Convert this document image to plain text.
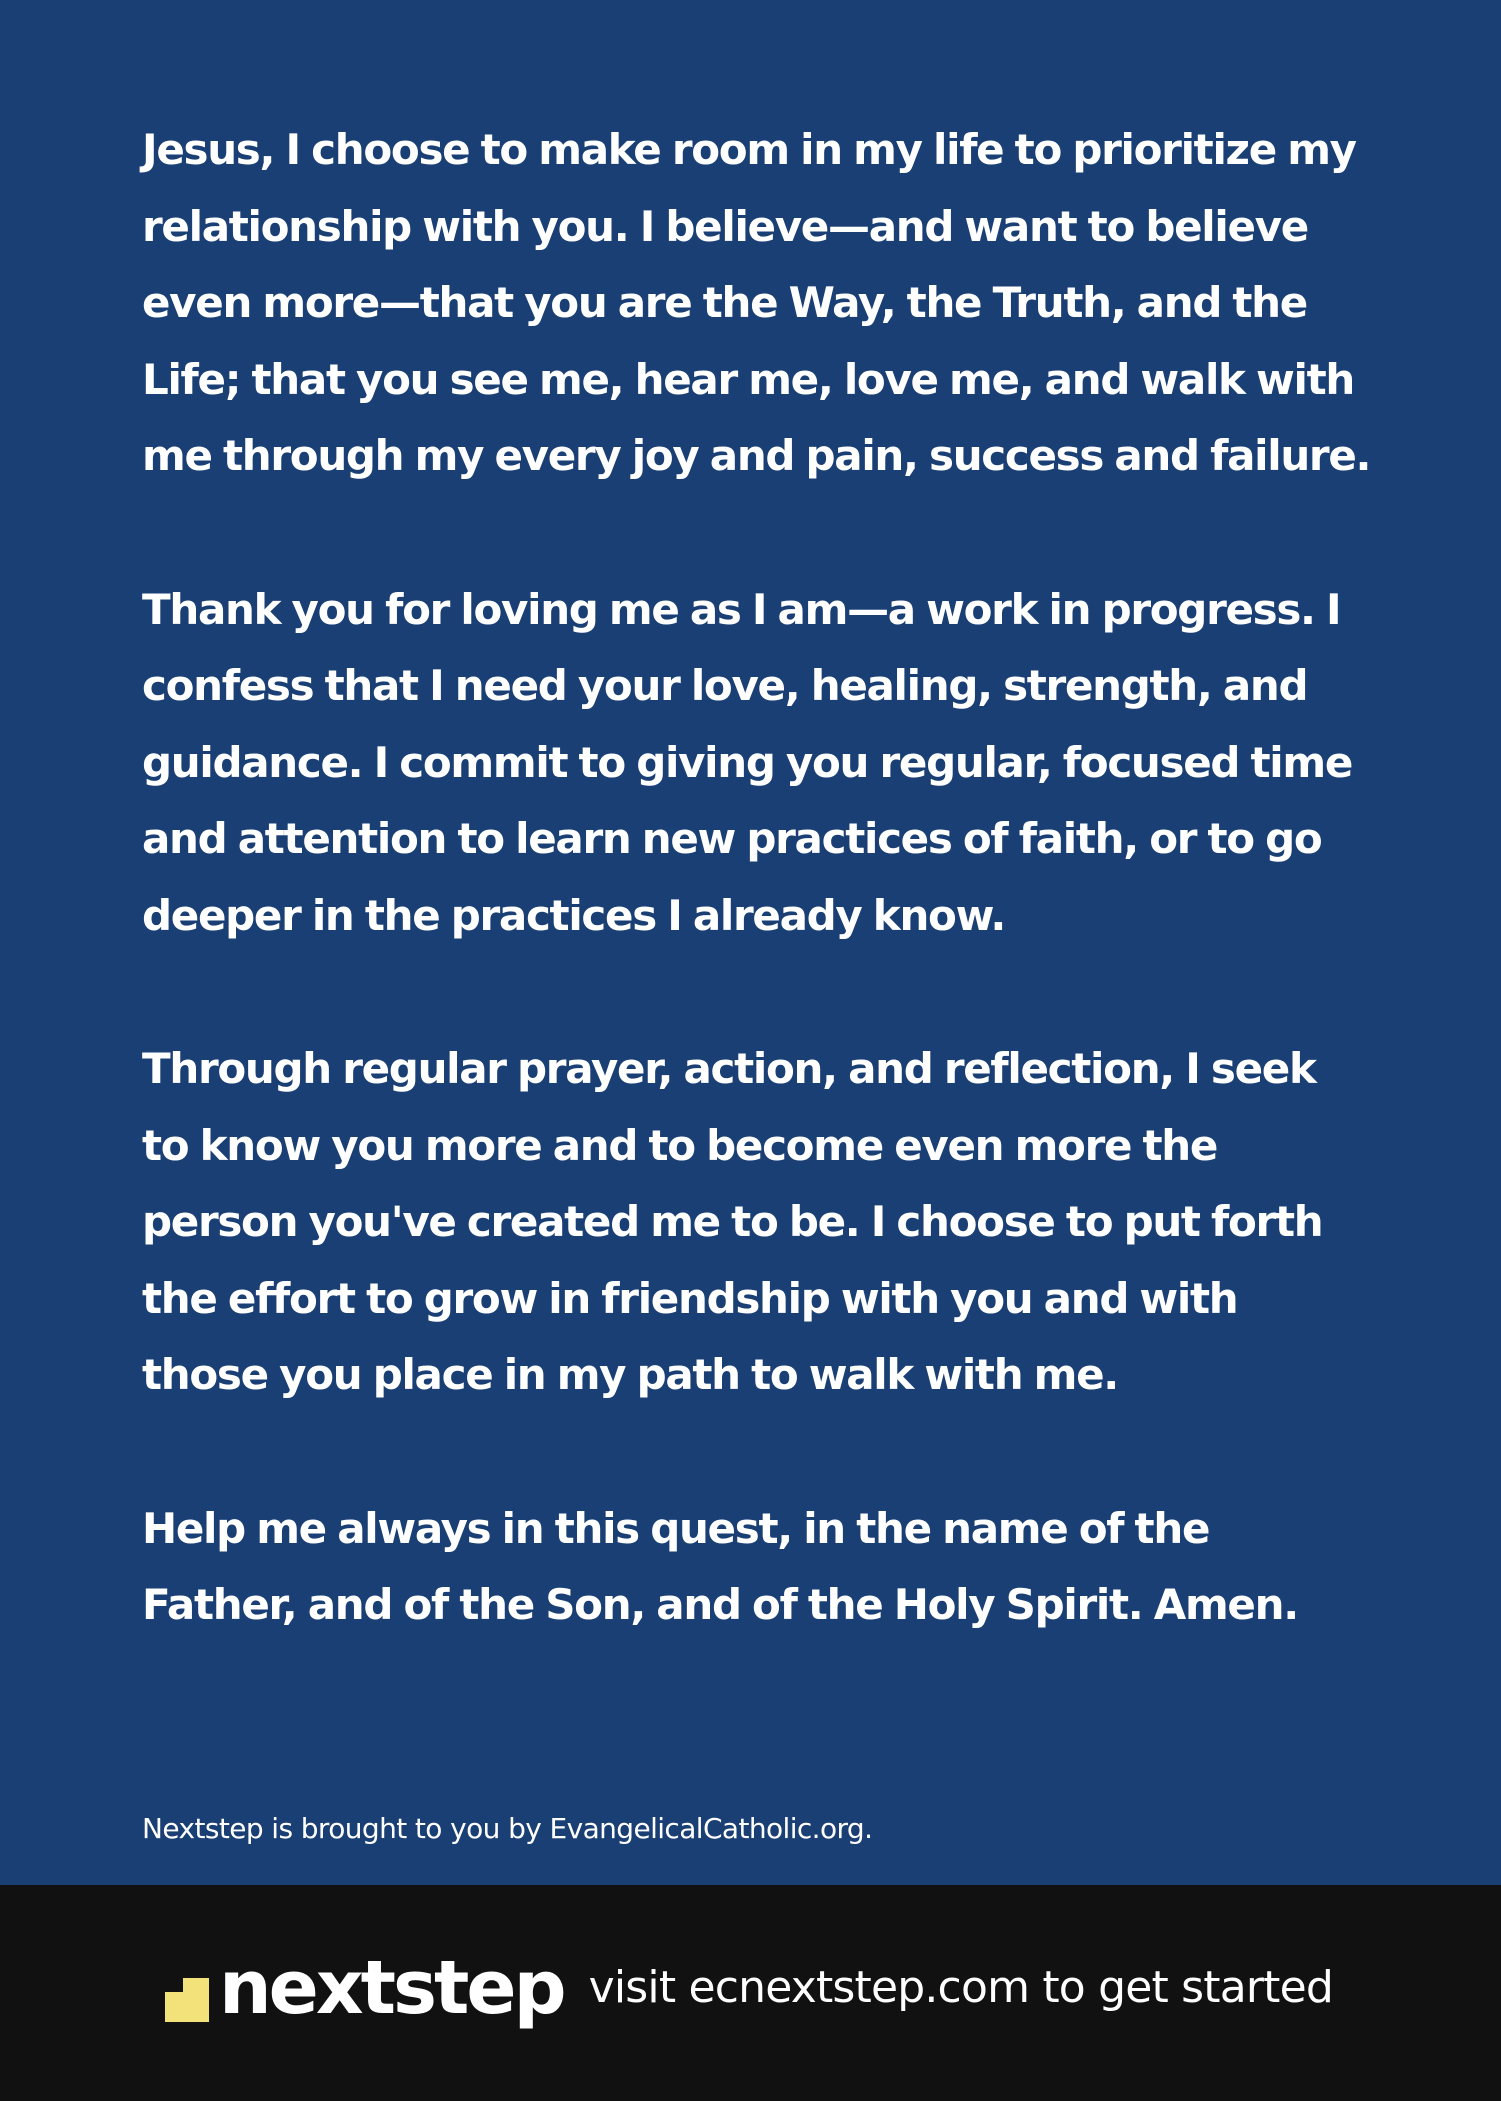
Jesus, I choose to make room in my life to prioritize my relationship with you. I believe—and want to believe even more—that you are the Way, the Truth, and the Life; that you see me, hear me, love me, and walk with me through my every joy and pain, success and failure.

Thank you for loving me as I am—a work in progress. I confess that I need your love, healing, strength, and guidance. I commit to giving you regular, focused time and attention to learn new practices of faith, or to go deeper in the practices I already know.

Through regular prayer, action, and reflection, I seek to know you more and to become even more the person you've created me to be. I choose to put forth the effort to grow in friendship with you and with those you place in my path to walk with me.

Help me always in this quest, in the name of the Father, and of the Son, and of the Holy Spirit. Amen.

Nextstep is brought to you by EvangelicalCatholic.org.
nextstep visit ecnextstep.com to get started
